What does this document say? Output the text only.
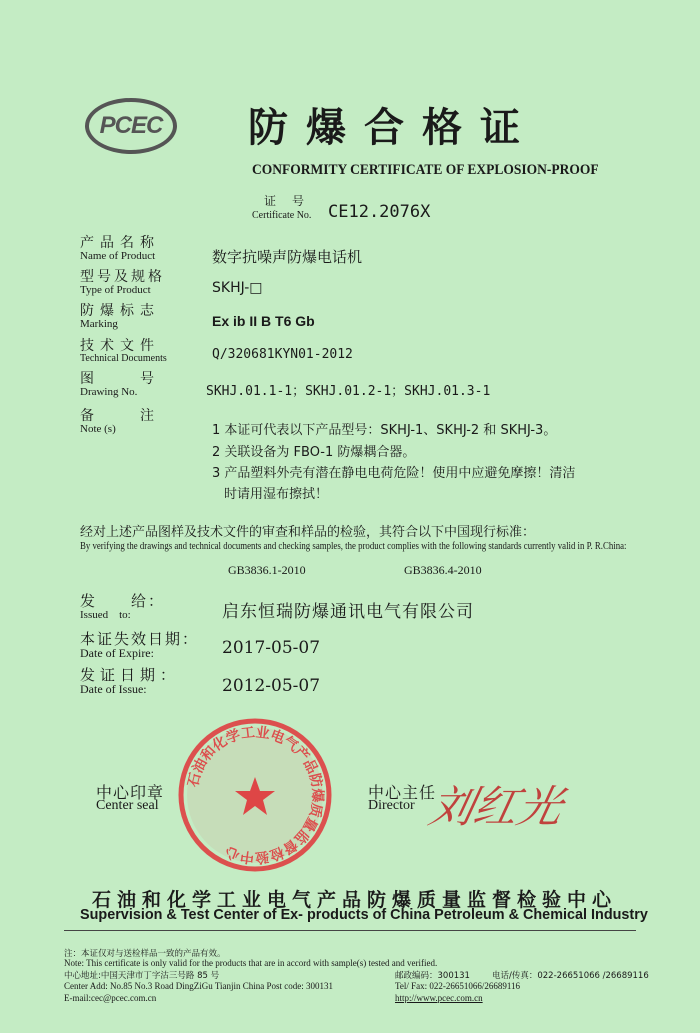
PCEC 防爆合格证
CONFORMITY CERTIFICATE OF EXPLOSION-PROOF
证　号
Certificate No. CE12.2076X
产品名称
Name of Product	数字抗噪声防爆电话机
型号及规格
Type of Product	SKHJ-□
防爆标志
Marking	Ex ib II B T6 Gb
技术文件
Technical Documents	Q/320681KYN01-2012
图　　号
Drawing No.	SKHJ.01.1-1；SKHJ.01.2-1；SKHJ.01.3-1
备　　注
Note (s)	1 本证可代表以下产品型号：SKHJ-1、SKHJ-2 和 SKHJ-3。
2 关联设备为 FBO-1 防爆耦合器。
3 产品塑料外壳有潜在静电电荷危险！使用中应避免摩擦！清洁
时请用湿布擦拭！
经对上述产品图样及技术文件的审查和样品的检验，其符合以下中国现行标准：
By verifying the drawings and technical documents and checking samples, the product complies with the following standards currently valid in P. R.China:
GB3836.1-2010	GB3836.4-2010
发　　给：
Issued　to:	启东恒瑞防爆通讯电气有限公司
本证失效日期：
Date of Expire:	2017-05-07
发证日期：
Date of Issue:	2012-05-07
石油和化学工业电气产品防爆质量监督检验中心
中心印章
Center seal
中心主任
Director 刘红光
石油和化学工业电气产品防爆质量监督检验中心
Supervision & Test Center of Ex- products of China Petroleum & Chemical Industry
注：本证仅对与送检样品一致的产品有效。
Note: This certificate is only valid for the products that are in accord with sample(s) tested and verified.
中心地址:中国天津市丁字沽三号路 85 号	邮政编码：300131	电话/传真：022-26651066 /26689116
Center Add: No.85 No.3 Road DingZiGu Tianjin China Post code: 300131	Tel/ Fax: 022-26651066/26689116
E-mail:cec@pcec.com.cn	http://www.pcec.com.cn
